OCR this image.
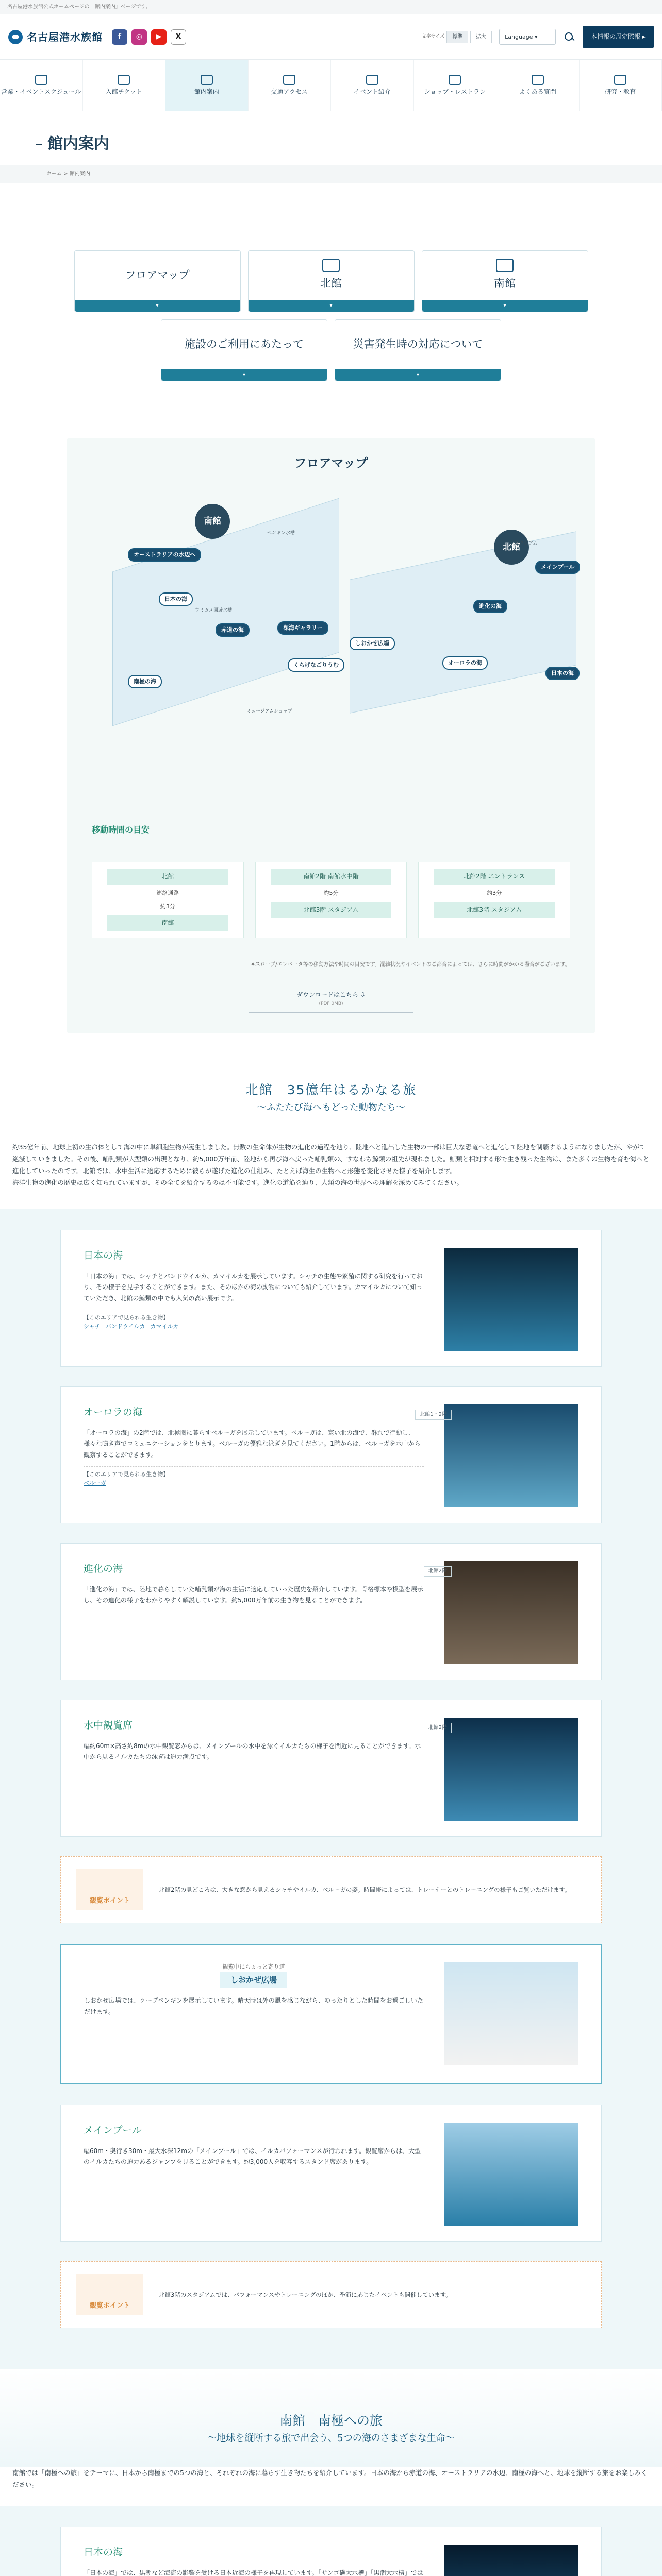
名古屋港水族館公式ホームページの「館内案内」ページです。
名古屋港水族館	f	◎	▶	X	文字サイズ	標準	拡大	Language ▾	本情報の周定際報 ▸
営業・イベントスケジュール	入館チケット	館内案内	交通アクセス	イベント紹介	ショップ・レストラン	よくある質問	研究・教育
館内案内
ホーム > 館内案内
フロアマップ
▾
北館
▾
南館
▾
施設のご利用にあたって
▾
災害発生時の対応について
▾
フロアマップ
南館
北館
オーストラリアの水辺へ
日本の海
深海ギャラリー
しおかぜ広場
くらげなごりうむ
赤道の海
南極の海
メインプール
進化の海
オーロラの海
日本の海
ペンギン水槽
ウミガメ回遊水槽
ミュージアムショップ
スタジアム
移動時間の目安
北館
連絡通路
約3分
南館
南館2階 南館水中階
約5分
北館3階 スタジアム
北館2階 エントランス
約3分
北館3階 スタジアム
※スロープ/エレベータ等の移動方法や時間の目安です。混雑状況やイベントのご都合によっては、さらに時間がかかる場合がございます。
ダウンロードはこちら ⇩
(PDF 0MB)
北館　35億年はるかなる旅

～ふたたび海へもどった動物たち～

約35億年前、地球上初の生命体として海の中に単細胞生物が誕生しました。無数の生命体が生物の進化の過程を辿り、陸地へと進出した生物の一部は巨大な恐竜へと進化して陸地を制覇するようになりましたが、やがて絶滅していきました。その後、哺乳類が大型類の出現となり、約5,000万年前、陸地から再び海へ戻った哺乳類の、すなわち鯨類の祖先が現れました。鯨類と相対する形で生き残った生物は、また多くの生物を育む海へと進化していったのです。北館では、水中生活に適応するために彼らが遂げた進化の仕組み、たとえば海生の生物へと形態を変化させた様子を紹介します。

海洋生物の進化の歴史は広く知られていますが、その全てを紹介するのは不可能です。進化の道筋を辿り、人類の海の世界への理解を深めてみてください。

日本の海

「日本の海」では、シャチとバンドウイルカ、カマイルカを展示しています。シャチの生態や繁殖に関する研究を行っており、その様子を見学することができます。また、そのほかの海の動物についても紹介しています。カマイルカについて知っていただき、北館の鯨類の中でも人気の高い展示です。

【このエリアで見られる生き物】
シャチ バンドウイルカ カマイルカ
北館1・2階
オーロラの海

「オーロラの海」の2階では、北極圏に暮らすベルーガを展示しています。ベルーガは、寒い北の海で、群れで行動し、様々な鳴き声でコミュニケーションをとります。ベルーガの優雅な泳ぎを見てください。1階からは、ベルーガを水中から観察することができます。

【このエリアで見られる生き物】
ベルーガ
北館2階
進化の海

「進化の海」では、陸地で暮らしていた哺乳類が海の生活に適応していった歴史を紹介しています。骨格標本や模型を展示し、その進化の様子をわかりやすく解説しています。約5,000万年前の生き物を見ることができます。

北館2階
水中観覧席

幅約60m×高さ約8mの水中観覧窓からは、メインプールの水中を泳ぐイルカたちの様子を間近に見ることができます。水中から見るイルカたちの泳ぎは迫力満点です。

観覧ポイント

北館2階の見どころは、大きな窓から見えるシャチやイルカ、ベルーガの姿。時間帯によっては、トレーナーとのトレーニングの様子もご覧いただけます。

観覧中にちょっと寄り道
しおかぜ広場

しおかぜ広場では、ケープペンギンを展示しています。晴天時は外の風を感じながら、ゆったりとした時間をお過ごしいただけます。

メインプール

幅60m・奥行き30m・最大水深12mの「メインプール」では、イルカパフォーマンスが行われます。観覧席からは、大型のイルカたちの迫力あるジャンプを見ることができます。約3,000人を収容するスタンド席があります。

観覧ポイント

北館3階のスタジアムでは、パフォーマンスやトレーニングのほか、季節に応じたイベントも開催しています。

南館　南極への旅

～地球を縦断する旅で出会う、5つの海のさまざまな生命～

南館では「南極への旅」をテーマに、日本から南極までの5つの海と、それぞれの海に暮らす生き物たちを紹介しています。日本の海から赤道の海、オーストラリアの水辺、南極の海へと、地球を縦断する旅をお楽しみください。

日本の海

「日本の海」では、黒潮など海流の影響を受ける日本近海の様子を再現しています。「サンゴ礁大水槽」「黒潮大水槽」では
